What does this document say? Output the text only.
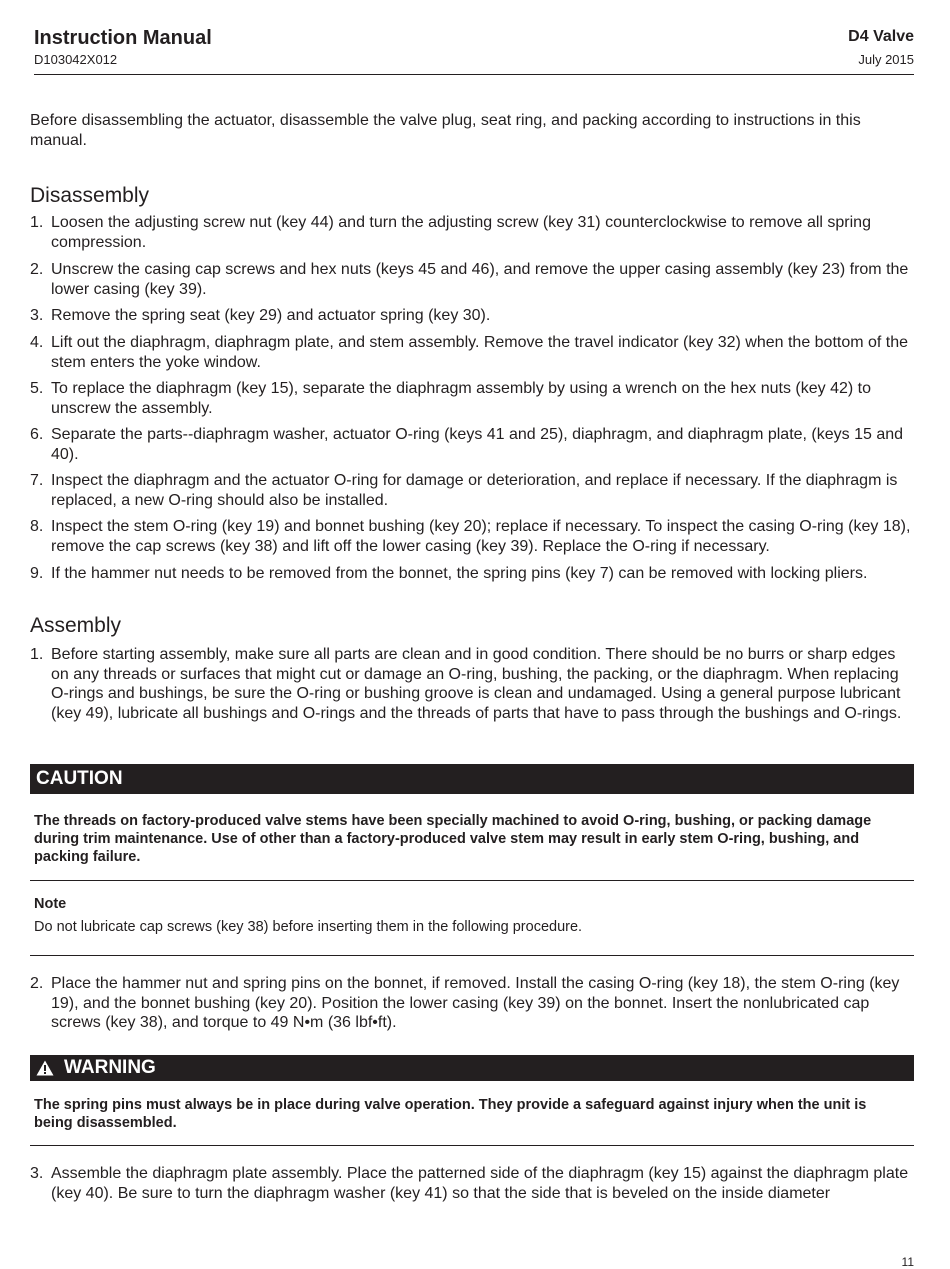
Instruction Manual
D103042X012
D4 Valve
July 2015
Before disassembling the actuator, disassemble the valve plug, seat ring, and packing according to instructions in this manual.
Disassembly
1. Loosen the adjusting screw nut (key 44) and turn the adjusting screw (key 31) counterclockwise to remove all spring compression.
2. Unscrew the casing cap screws and hex nuts (keys 45 and 46), and remove the upper casing assembly (key 23) from the lower casing (key 39).
3. Remove the spring seat (key 29) and actuator spring (key 30).
4. Lift out the diaphragm, diaphragm plate, and stem assembly. Remove the travel indicator (key 32) when the bottom of the stem enters the yoke window.
5. To replace the diaphragm (key 15), separate the diaphragm assembly by using a wrench on the hex nuts (key 42) to unscrew the assembly.
6. Separate the parts--diaphragm washer, actuator O-ring (keys 41 and 25), diaphragm, and diaphragm plate, (keys 15 and 40).
7. Inspect the diaphragm and the actuator O-ring for damage or deterioration, and replace if necessary. If the diaphragm is replaced, a new O-ring should also be installed.
8. Inspect the stem O-ring (key 19) and bonnet bushing (key 20); replace if necessary. To inspect the casing O-ring (key 18), remove the cap screws (key 38) and lift off the lower casing (key 39). Replace the O-ring if necessary.
9. If the hammer nut needs to be removed from the bonnet, the spring pins (key 7) can be removed with locking pliers.
Assembly
1. Before starting assembly, make sure all parts are clean and in good condition. There should be no burrs or sharp edges on any threads or surfaces that might cut or damage an O-ring, bushing, the packing, or the diaphragm. When replacing O-rings and bushings, be sure the O-ring or bushing groove is clean and undamaged. Using a general purpose lubricant (key 49), lubricate all bushings and O-rings and the threads of parts that have to pass through the bushings and O-rings.
CAUTION
The threads on factory-produced valve stems have been specially machined to avoid O-ring, bushing, or packing damage during trim maintenance. Use of other than a factory-produced valve stem may result in early stem O-ring, bushing, and packing failure.
Note
Do not lubricate cap screws (key 38) before inserting them in the following procedure.
2. Place the hammer nut and spring pins on the bonnet, if removed. Install the casing O-ring (key 18), the stem O-ring (key 19), and the bonnet bushing (key 20). Position the lower casing (key 39) on the bonnet. Insert the nonlubricated cap screws (key 38), and torque to 49 N•m (36 lbf•ft).
WARNING
The spring pins must always be in place during valve operation. They provide a safeguard against injury when the unit is being disassembled.
3. Assemble the diaphragm plate assembly. Place the patterned side of the diaphragm (key 15) against the diaphragm plate (key 40). Be sure to turn the diaphragm washer (key 41) so that the side that is beveled on the inside diameter
11
